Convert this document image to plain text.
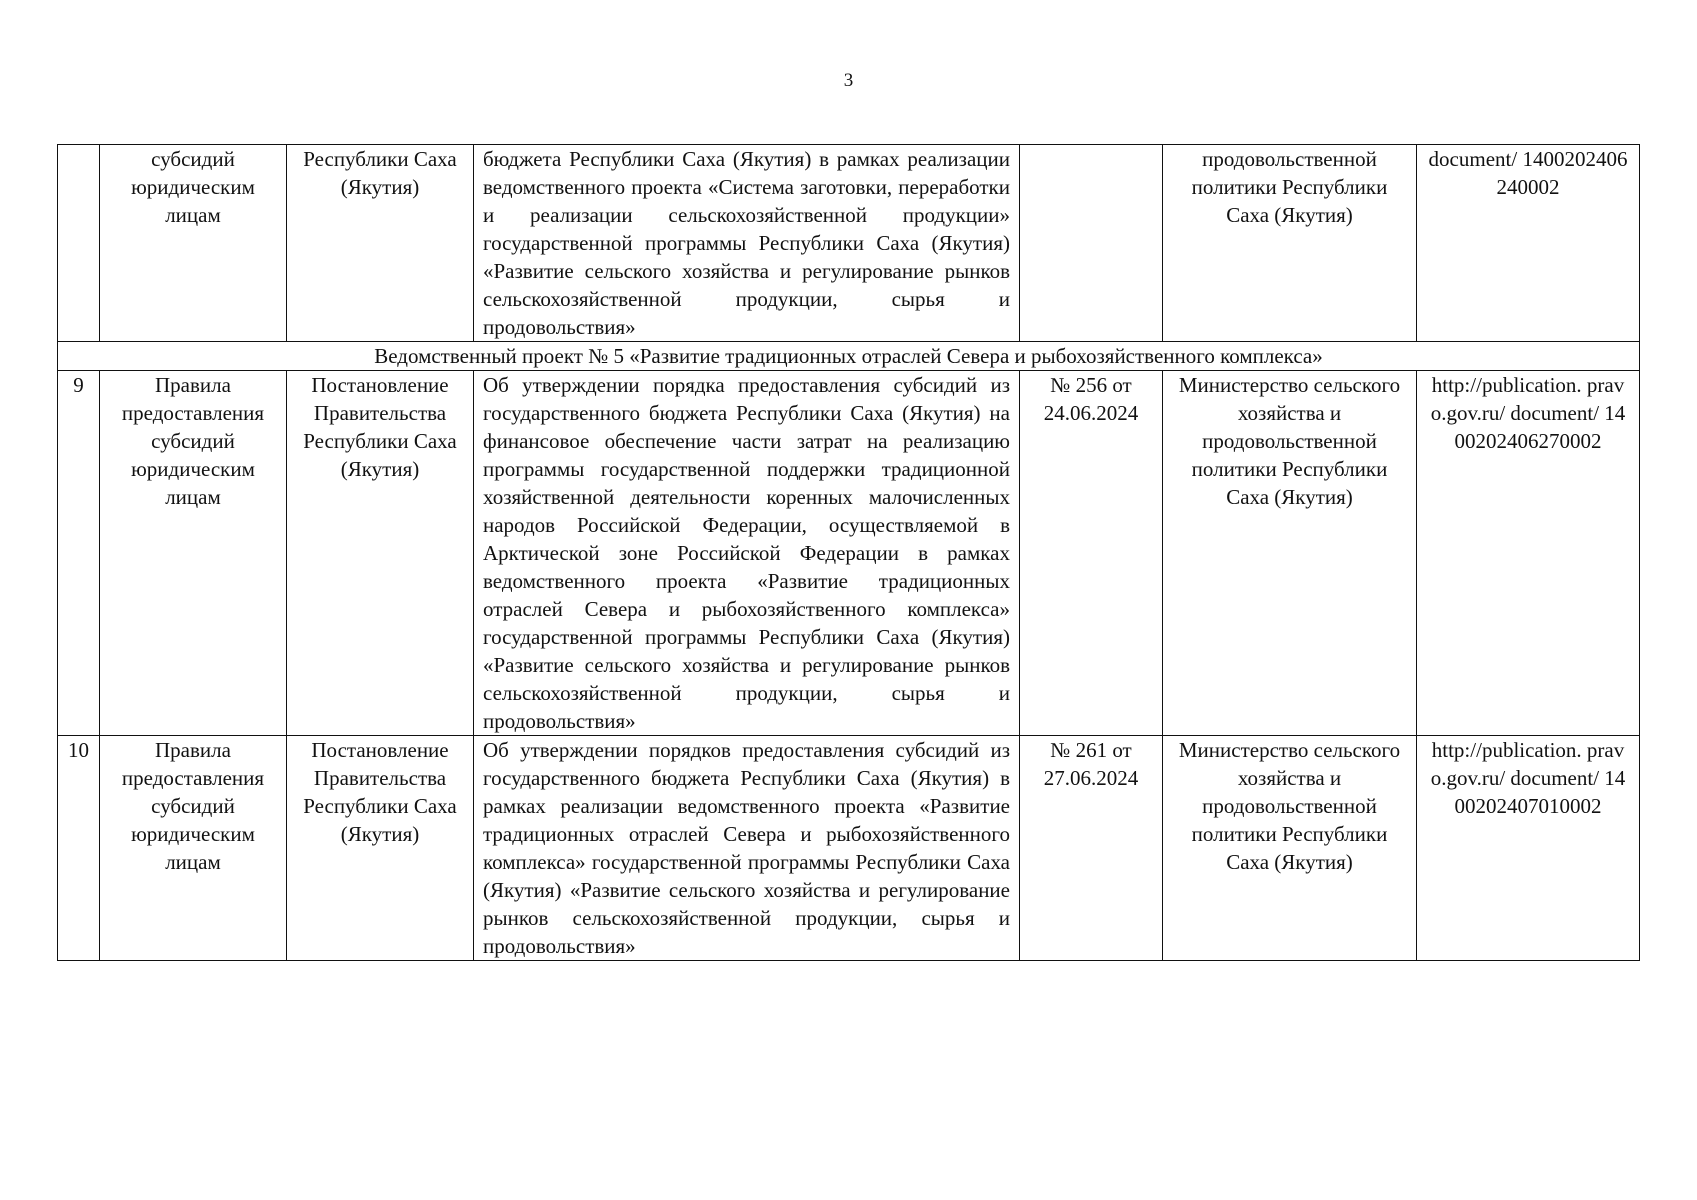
3
	субсидий юридическим лицам	Республики Саха (Якутия)	бюджета Республики Саха (Якутия) в рамках реализации ведомственного проекта «Система заготовки, переработки и реализации сельскохозяйственной продукции» государственной программы Республики Саха (Якутия) «Развитие сельского хозяйства и регулирование рынков сельскохозяйственной продукции, сырья и продовольствия»		продовольственной политики Республики Саха (Якутия)	document/ 1400202406240002
Ведомственный проект № 5 «Развитие традиционных отраслей Севера и рыбохозяйственного комплекса»						
9	Правила предоставления субсидий юридическим лицам	Постановление Правительства Республики Саха (Якутия)	Об утверждении порядка предоставления субсидий из государственного бюджета Республики Саха (Якутия) на финансовое обеспечение части затрат на реализацию программы государственной поддержки традиционной хозяйственной деятельности коренных малочисленных народов Российской Федерации, осуществляемой в Арктической зоне Российской Федерации в рамках ведомственного проекта «Развитие традиционных отраслей Севера и рыбохозяйственного комплекса» государственной программы Республики Саха (Якутия) «Развитие сельского хозяйства и регулирование рынков сельскохозяйственной продукции, сырья и продовольствия»	№ 256 от 24.06.2024	Министерство сельского хозяйства и продовольственной политики Республики Саха (Якутия)	http://publication. pravo.gov.ru/ document/ 1400202406270002
10	Правила предоставления субсидий юридическим лицам	Постановление Правительства Республики Саха (Якутия)	Об утверждении порядков предоставления субсидий из государственного бюджета Республики Саха (Якутия) в рамках реализации ведомственного проекта «Развитие традиционных отраслей Севера и рыбохозяйственного комплекса» государственной программы Республики Саха (Якутия) «Развитие сельского хозяйства и регулирование рынков сельскохозяйственной продукции, сырья и продовольствия»	№ 261 от 27.06.2024	Министерство сельского хозяйства и продовольственной политики Республики Саха (Якутия)	http://publication. pravo.gov.ru/ document/ 1400202407010002
